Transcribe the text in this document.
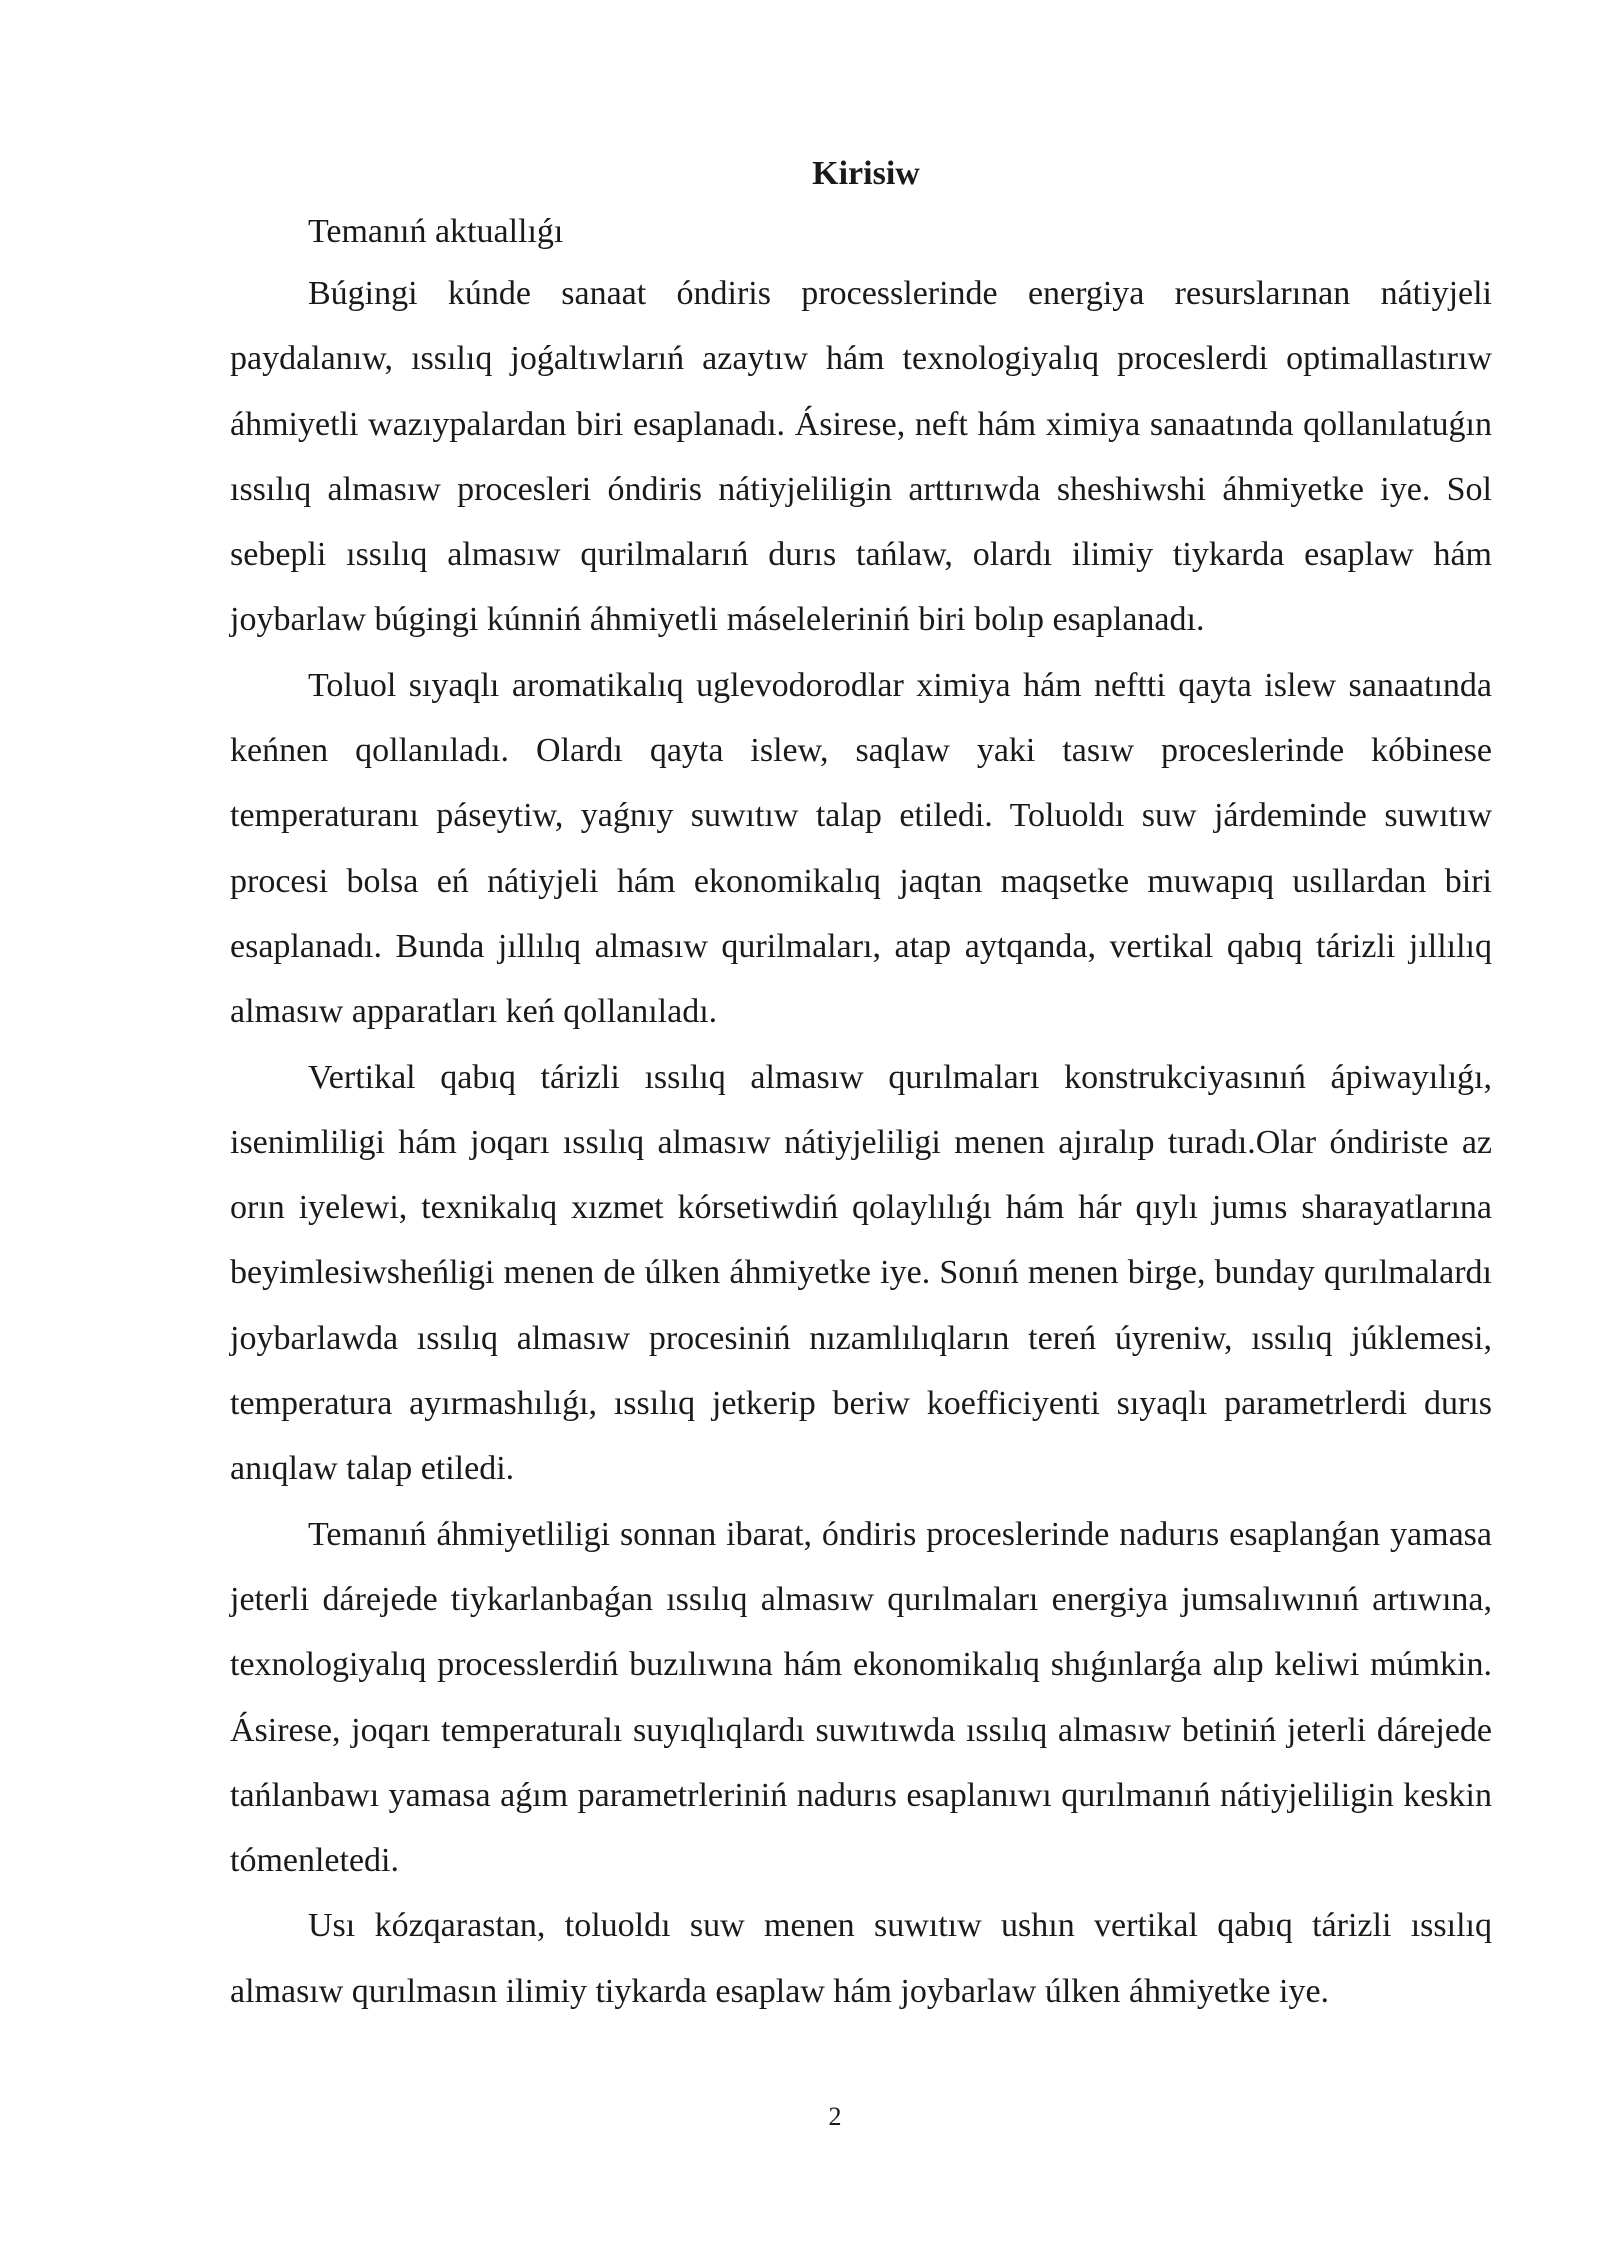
Kirisiw

Temanıń aktuallıǵı

Búgingi kúnde sanaat óndiris processlerinde energiya resurslarınan nátiyjeli paydalanıw, ıssılıq joǵaltıwlarıń azaytıw hám texnologiyalıq proceslerdi optimallastırıw áhmiyetli wazıypalardan biri esaplanadı. Ásirese, neft hám ximiya sanaatında qollanılatuǵın ıssılıq almasıw procesleri óndiris nátiyjeliligin arttırıwda sheshiwshi áhmiyetke iye. Sol sebepli ıssılıq almasıw qurilmalarıń durıs tańlaw, olardı ilimiy tiykarda esaplaw hám joybarlaw búgingi kúnniń áhmiyetli máseleleriniń biri bolıp esaplanadı.

Toluol sıyaqlı aromatikalıq uglevodorodlar ximiya hám neftti qayta islew sanaatında keńnen qollanıladı. Olardı qayta islew, saqlaw yaki tasıw proceslerinde kóbinese temperaturanı páseytiw, yaǵnıy suwıtıw talap etiledi. Toluoldı suw járdeminde suwıtıw procesi bolsa eń nátiyjeli hám ekonomikalıq jaqtan maqsetke muwapıq usıllardan biri esaplanadı. Bunda jıllılıq almasıw qurilmaları, atap aytqanda, vertikal qabıq tárizli jıllılıq almasıw apparatları keń qollanıladı.

Vertikal qabıq tárizli ıssılıq almasıw qurılmaları konstrukciyasınıń ápiwayılıǵı, isenimliligi hám joqarı ıssılıq almasıw nátiyjeliligi menen ajıralıp turadı.Olar óndiriste az orın iyelewi, texnikalıq xızmet kórsetiwdiń qolaylılıǵı hám hár qıylı jumıs sharayatlarına beyimlesiwsheńligi menen de úlken áhmiyetke iye. Sonıń menen birge, bunday qurılmalardı joybarlawda ıssılıq almasıw procesiniń nızamlılıqların tereń úyreniw, ıssılıq júklemesi, temperatura ayırmashılıǵı, ıssılıq jetkerip beriw koefficiyenti sıyaqlı parametrlerdi durıs anıqlaw talap etiledi.

Temanıń áhmiyetliligi sonnan ibarat, óndiris proceslerinde nadurıs esaplanǵan yamasa jeterli dárejede tiykarlanbaǵan ıssılıq almasıw qurılmaları energiya jumsalıwınıń artıwına, texnologiyalıq processlerdiń buzılıwına hám ekonomikalıq shıǵınlarǵa alıp keliwi múmkin. Ásirese, joqarı temperaturalı suyıqlıqlardı suwıtıwda ıssılıq almasıw betiniń jeterli dárejede tańlanbawı yamasa aǵım parametrleriniń nadurıs esaplanıwı qurılmanıń nátiyjeliligin keskin tómenletedi.

Usı kózqarastan, toluoldı suw menen suwıtıw ushın vertikal qabıq tárizli ıssılıq almasıw qurılmasın ilimiy tiykarda esaplaw hám joybarlaw úlken áhmiyetke iye.

2
